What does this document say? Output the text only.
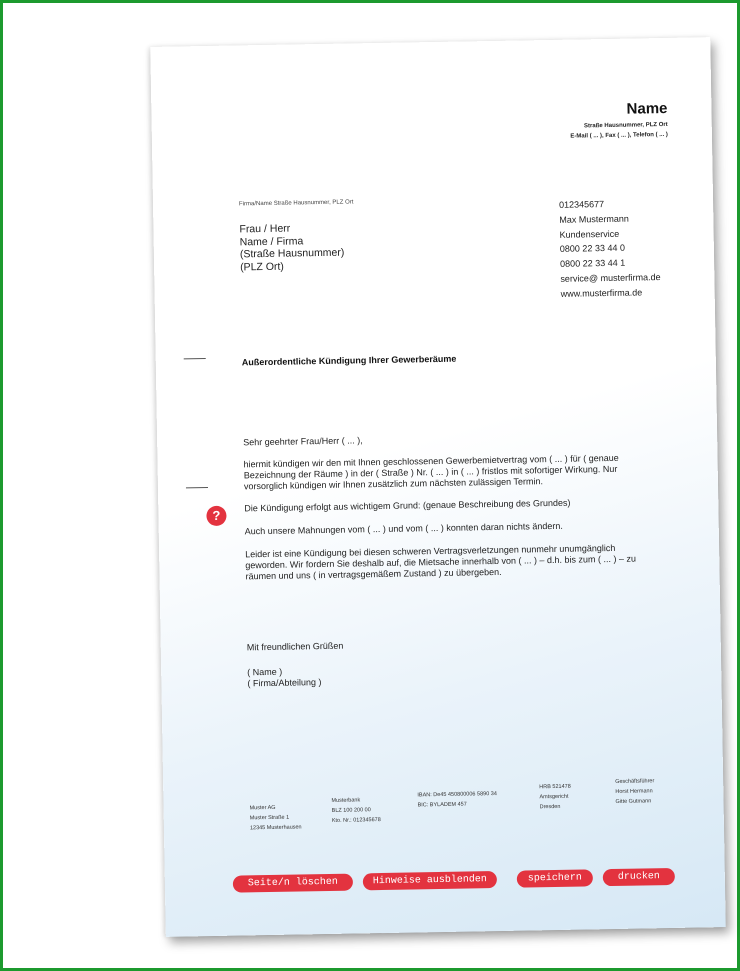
Name
Straße Hausnummer, PLZ Ort
E-Mail ( ... ), Fax ( ... ), Telefon ( ... )
Firma/Name Straße Hausnummer, PLZ Ort
Frau / Herr
Name / Firma
(Straße Hausnummer)
(PLZ Ort)
012345677
Max Mustermann
Kundenservice
0800 22 33 44 0
0800 22 33 44 1
service@ musterfirma.de
www.musterfirma.de
Außerordentliche Kündigung Ihrer Gewerberäume
Sehr geehrter Frau/Herr ( ... ),
hiermit kündigen wir den mit Ihnen geschlossenen Gewerbemietvertrag vom ( ... ) für ( genaue Bezeichnung der Räume ) in der ( Straße ) Nr. ( ... ) in ( ... ) fristlos mit sofortiger Wirkung. Nur vorsorglich kündigen wir Ihnen zusätzlich zum nächsten zulässigen Termin.
?
Die Kündigung erfolgt aus wichtigem Grund: (genaue Beschreibung des Grundes)
Auch unsere Mahnungen vom ( ... ) und vom ( ... ) konnten daran nichts ändern.
Leider ist eine Kündigung bei diesen schweren Vertragsverletzungen nunmehr unumgänglich geworden. Wir fordern Sie deshalb auf, die Mietsache innerhalb von ( ... ) – d.h. bis zum ( ... ) – zu räumen und uns ( in vertragsgemäßem Zustand ) zu übergeben.
Mit freundlichen Grüßen
( Name )
( Firma/Abteilung )
Muster AG
Muster Straße 1
12345 Musterhausen
Musterbank
BLZ 100 200 00
Kto. Nr.: 012345678
IBAN: De45 450800006 5890 34
BIC: BYLADEM 457
HRB 521478
Amtsgericht
Dresden
Geschäftsführer
Horst Hermann
Gitte Gutmann
Seite/n löschen	Hinweise ausblenden	speichern	drucken
